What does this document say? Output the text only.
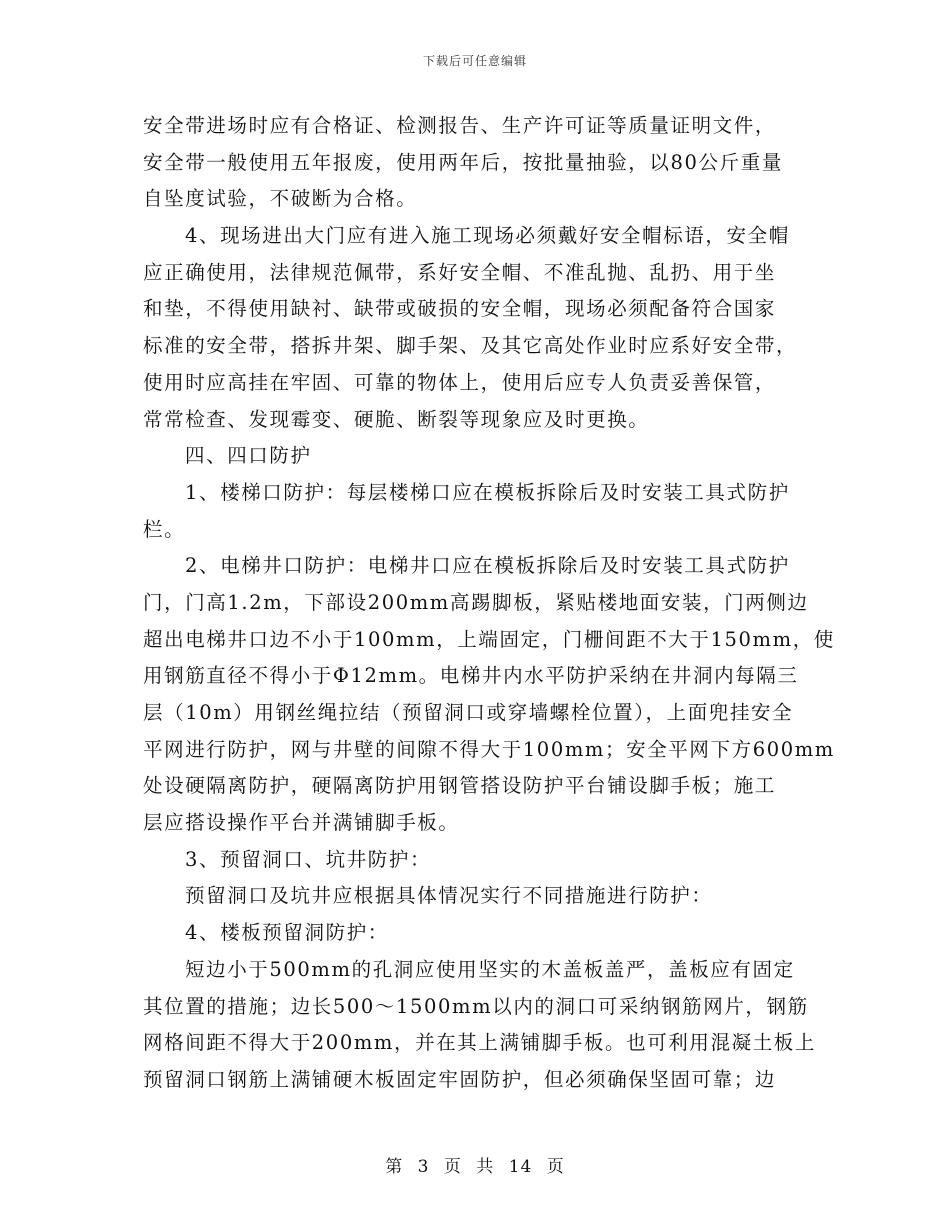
下载后可任意编辑
安全带进场时应有合格证、检测报告、生产许可证等质量证明文件，
安全带一般使用五年报废，使用两年后，按批量抽验，以80公斤重量
自坠度试验，不破断为合格。
4、现场进出大门应有进入施工现场必须戴好安全帽标语，安全帽
应正确使用，法律规范佩带，系好安全帽、不准乱抛、乱扔、用于坐
和垫，不得使用缺衬、缺带或破损的安全帽，现场必须配备符合国家
标准的安全带，搭拆井架、脚手架、及其它高处作业时应系好安全带，
使用时应高挂在牢固、可靠的物体上，使用后应专人负责妥善保管，
常常检查、发现霉变、硬脆、断裂等现象应及时更换。
四、四口防护
1、楼梯口防护：每层楼梯口应在模板拆除后及时安装工具式防护
栏。
2、电梯井口防护：电梯井口应在模板拆除后及时安装工具式防护
门，门高1.2m，下部设200mm高踢脚板，紧贴楼地面安装，门两侧边
超出电梯井口边不小于100mm，上端固定，门栅间距不大于150mm，使
用钢筋直径不得小于Φ12mm。电梯井内水平防护采纳在井洞内每隔三
层（10m）用钢丝绳拉结（预留洞口或穿墙螺栓位置），上面兜挂安全
平网进行防护，网与井壁的间隙不得大于100mm；安全平网下方600mm
处设硬隔离防护，硬隔离防护用钢管搭设防护平台铺设脚手板；施工
层应搭设操作平台并满铺脚手板。
3、预留洞口、坑井防护：
预留洞口及坑井应根据具体情况实行不同措施进行防护：
4、楼板预留洞防护：
短边小于500mm的孔洞应使用坚实的木盖板盖严，盖板应有固定
其位置的措施；边长500～1500mm以内的洞口可采纳钢筋网片，钢筋
网格间距不得大于200mm，并在其上满铺脚手板。也可利用混凝土板上
预留洞口钢筋上满铺硬木板固定牢固防护，但必须确保坚固可靠；边
第 3 页 共 14 页
